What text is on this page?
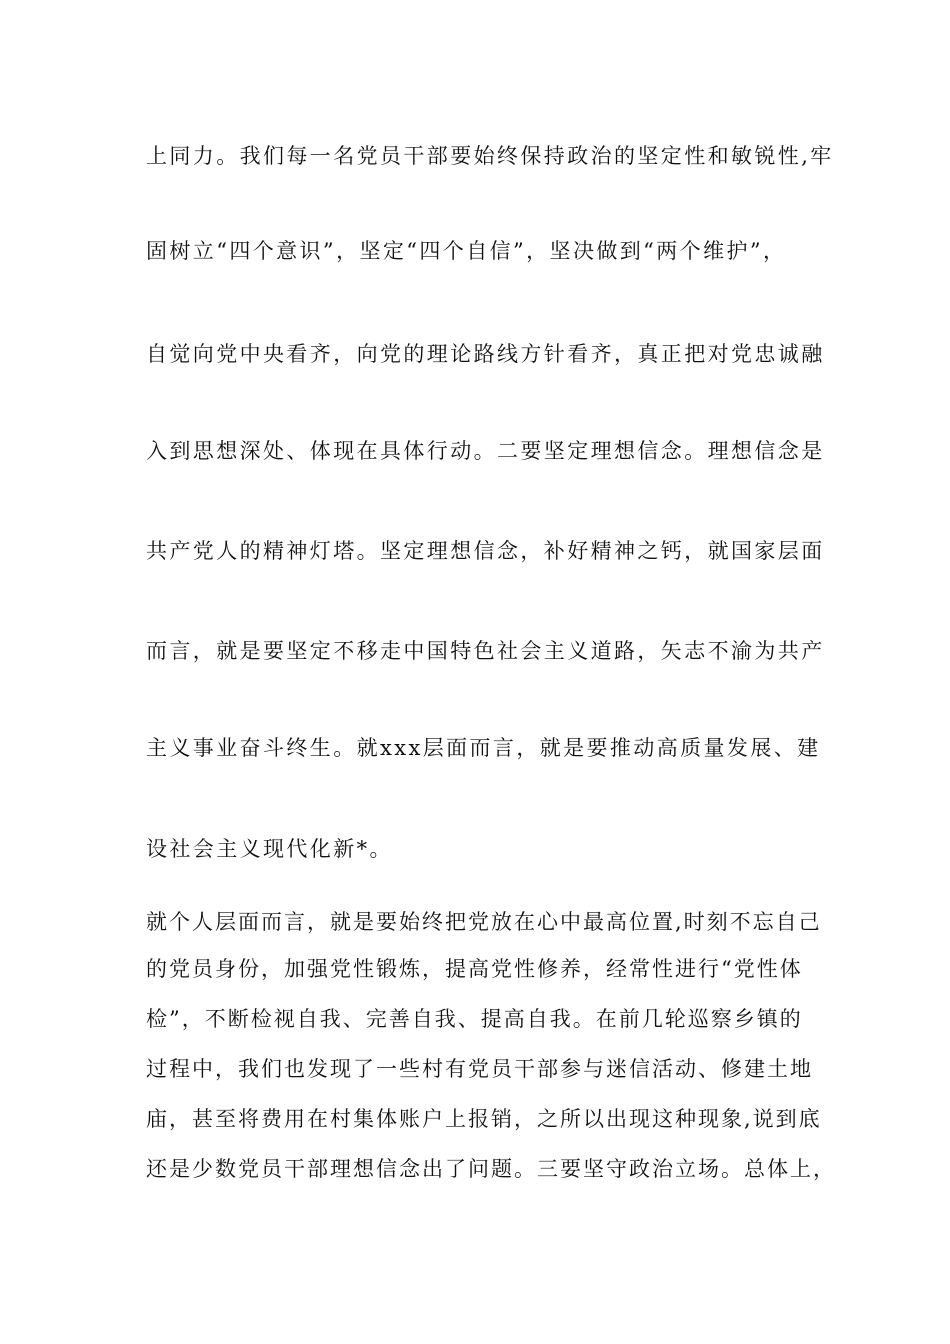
上同力。我们每一名党员干部要始终保持政治的坚定性和敏锐性,牢
固树立“四个意识”，坚定“四个自信”，坚决做到“两个维护”，
自觉向党中央看齐，向党的理论路线方针看齐，真正把对党忠诚融
入到思想深处、体现在具体行动。二要坚定理想信念。理想信念是
共产党人的精神灯塔。坚定理想信念，补好精神之钙，就国家层面
而言，就是要坚定不移走中国特色社会主义道路，矢志不渝为共产
主义事业奋斗终生。就xxx层面而言，就是要推动高质量发展、建
设社会主义现代化新*。
就个人层面而言，就是要始终把党放在心中最高位置,时刻不忘自己
的党员身份，加强党性锻炼，提高党性修养，经常性进行“党性体
检”，不断检视自我、完善自我、提高自我。在前几轮巡察乡镇的
过程中，我们也发现了一些村有党员干部参与迷信活动、修建土地
庙，甚至将费用在村集体账户上报销，之所以出现这种现象,说到底
还是少数党员干部理想信念出了问题。三要坚守政治立场。总体上，
